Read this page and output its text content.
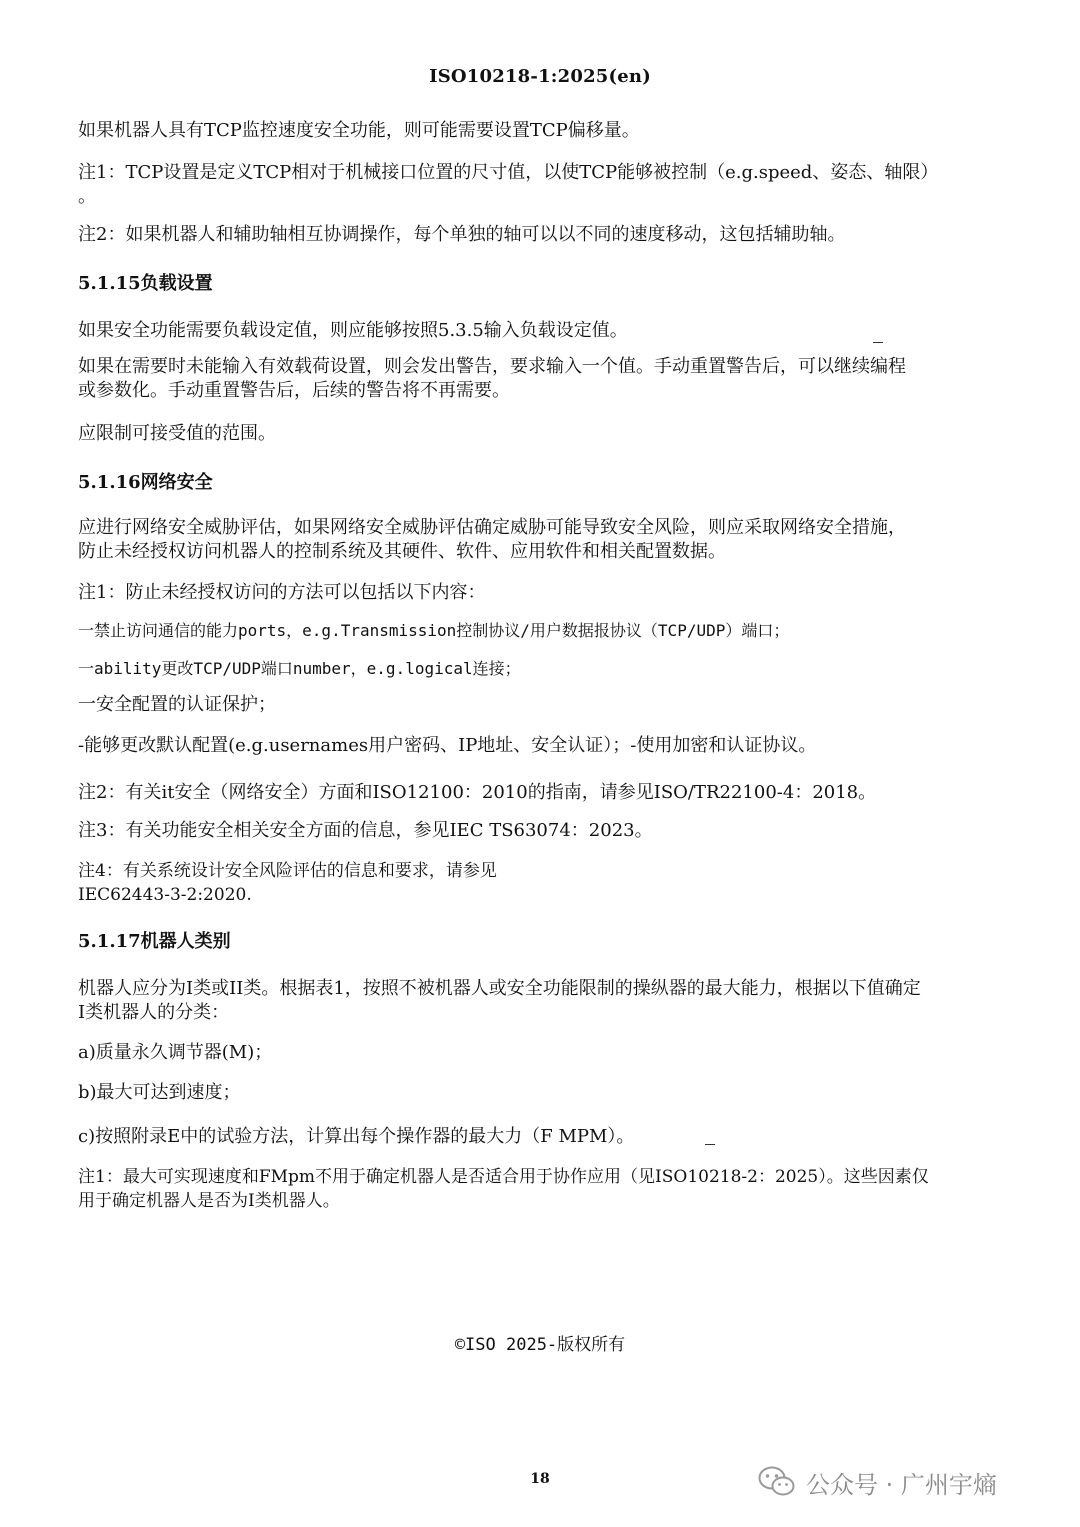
ISO10218-1:2025(en)
如果机器人具有TCP监控速度安全功能，则可能需要设置TCP偏移量。
注1：TCP设置是定义TCP相对于机械接口位置的尺寸值，以使TCP能够被控制（e.g.speed、姿态、轴限）
。
注2：如果机器人和辅助轴相互协调操作，每个单独的轴可以以不同的速度移动，这包括辅助轴。
5.1.15负载设置
如果安全功能需要负载设定值，则应能够按照5.3.5输入负载设定值。
如果在需要时未能输入有效载荷设置，则会发出警告，要求输入一个值。手动重置警告后，可以继续编程
或参数化。手动重置警告后，后续的警告将不再需要。
应限制可接受值的范围。
5.1.16网络安全
应进行网络安全威胁评估，如果网络安全威胁评估确定威胁可能导致安全风险，则应采取网络安全措施，
防止未经授权访问机器人的控制系统及其硬件、软件、应用软件和相关配置数据。
注1：防止未经授权访问的方法可以包括以下内容：
一禁止访问通信的能力ports，e.g.Transmission控制协议/用户数据报协议（TCP/UDP）端口；
一ability更改TCP/UDP端口number，e.g.logical连接；
一安全配置的认证保护；
-能够更改默认配置(e.g.usernames用户密码、IP地址、安全认证）；-使用加密和认证协议。
注2：有关it安全（网络安全）方面和ISO12100：2010的指南，请参见ISO/TR22100-4：2018。
注3：有关功能安全相关安全方面的信息，参见IEC TS63074：2023。
注4：有关系统设计安全风险评估的信息和要求，请参见
IEC62443-3-2:2020.
5.1.17机器人类别
机器人应分为I类或II类。根据表1，按照不被机器人或安全功能限制的操纵器的最大能力，根据以下值确定
I类机器人的分类：
a)质量永久调节器(M)；
b)最大可达到速度；
c)按照附录E中的试验方法，计算出每个操作器的最大力（F MPM）。
注1：最大可实现速度和FMpm不用于确定机器人是否适合用于协作应用（见ISO10218-2：2025）。这些因素仅
用于确定机器人是否为I类机器人。
©ISO 2025-版权所有
18	公众号 · 广州宇熵
